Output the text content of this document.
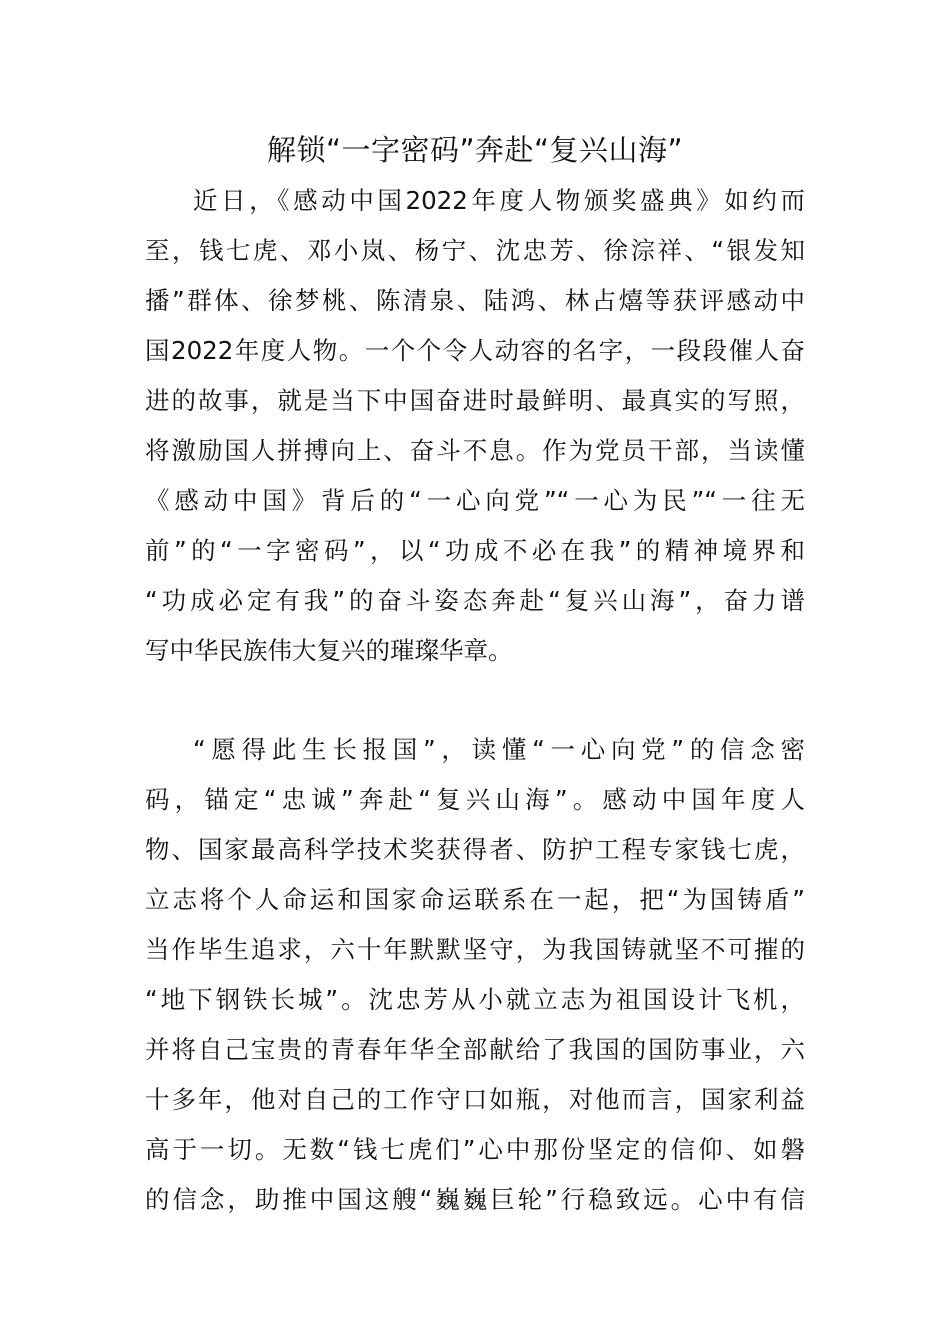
解锁“一字密码”奔赴“复兴山海”
近日，《感动中国2022年度人物颁奖盛典》如约而
至，钱七虎、邓小岚、杨宁、沈忠芳、徐淙祥、“银发知
播”群体、徐梦桃、陈清泉、陆鸿、林占熺等获评感动中
国2022年度人物。一个个令人动容的名字，一段段催人奋
进的故事，就是当下中国奋进时最鲜明、最真实的写照，
将激励国人拼搏向上、奋斗不息。作为党员干部，当读懂
《感动中国》背后的“一心向党”“一心为民”“一往无
前”的“一字密码”，以“功成不必在我”的精神境界和
“功成必定有我”的奋斗姿态奔赴“复兴山海”，奋力谱
写中华民族伟大复兴的璀璨华章。
“愿得此生长报国”，读懂“一心向党”的信念密
码，锚定“忠诚”奔赴“复兴山海”。感动中国年度人
物、国家最高科学技术奖获得者、防护工程专家钱七虎，
立志将个人命运和国家命运联系在一起，把“为国铸盾”
当作毕生追求，六十年默默坚守，为我国铸就坚不可摧的
“地下钢铁长城”。沈忠芳从小就立志为祖国设计飞机，
并将自己宝贵的青春年华全部献给了我国的国防事业，六
十多年，他对自己的工作守口如瓶，对他而言，国家利益
高于一切。无数“钱七虎们”心中那份坚定的信仰、如磐
的信念，助推中国这艘“巍巍巨轮”行稳致远。心中有信
